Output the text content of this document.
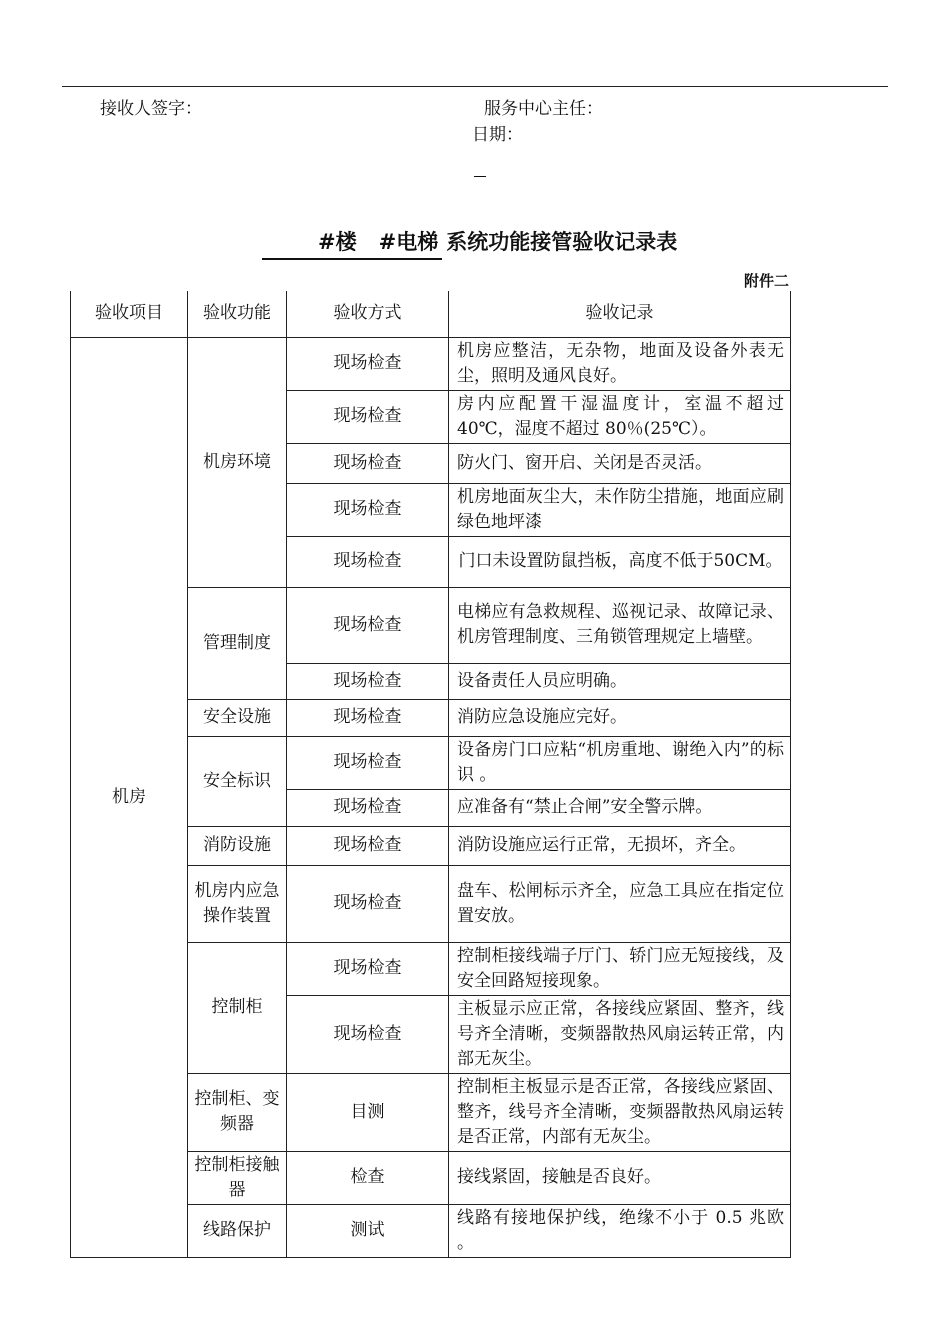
接收人签字：	服务中心主任：
日期：
#楼 #电梯 系统功能接管验收记录表
附件二
验收项目	验收功能	验收方式	验收记录
机房	机房环境	现场检查	机房应整洁，无杂物，地面及设备外表无尘，照明及通风良好。
		现场检查	房内应配置干湿温度计，室温不超过40℃，湿度不超过 80％(25℃）。
		现场检查	防火门、窗开启、关闭是否灵活。
		现场检查	机房地面灰尘大，未作防尘措施，地面应刷绿色地坪漆
		现场检查	门口未设置防鼠挡板，高度不低于50CM。
	管理制度	现场检查	电梯应有急救规程、巡视记录、故障记录、机房管理制度、三角锁管理规定上墙壁。
		现场检查	设备责任人员应明确。
	安全设施	现场检查	消防应急设施应完好。
	安全标识	现场检查	设备房门口应粘“机房重地、谢绝入内”的标识 。
		现场检查	应准备有“禁止合闸”安全警示牌。
	消防设施	现场检查	消防设施应运行正常，无损坏，齐全。
	机房内应急操作装置	现场检查	盘车、松闸标示齐全，应急工具应在指定位置安放。
	控制柜	现场检查	控制柜接线端子厅门、轿门应无短接线，及安全回路短接现象。
		现场检查	主板显示应正常，各接线应紧固、整齐，线号齐全清晰，变频器散热风扇运转正常，内部无灰尘。
	控制柜、变频器	目测	控制柜主板显示是否正常，各接线应紧固、整齐，线号齐全清晰，变频器散热风扇运转是否正常，内部有无灰尘。
	控制柜接触器	检查	接线紧固，接触是否良好。
	线路保护	测试	线路有接地保护线，绝缘不小于 0.5 兆欧 。
